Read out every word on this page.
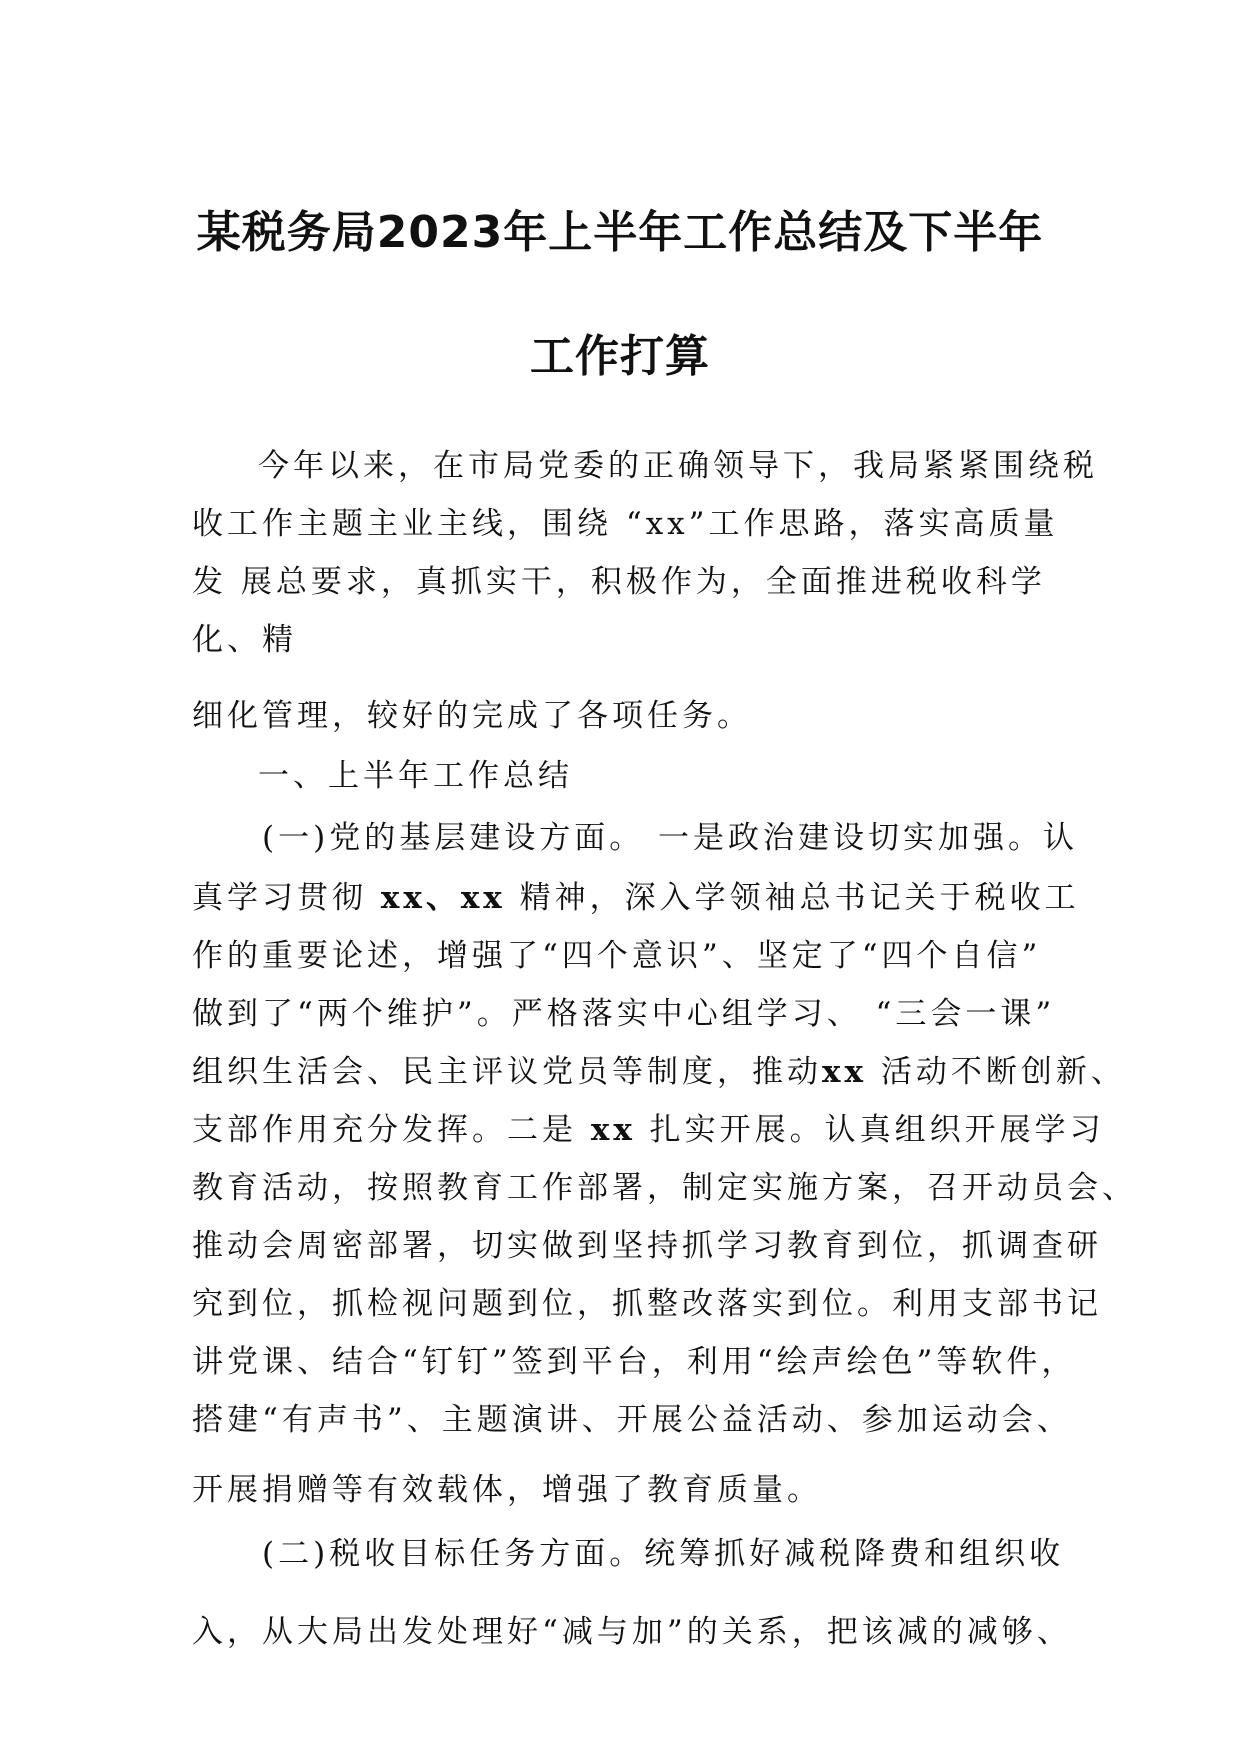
某税务局2023年上半年工作总结及下半年
工作打算
今年以来，在市局党委的正确领导下，我局紧紧围绕税
收工作主题主业主线，围绕 “xx”工作思路，落实高质量
发 展总要求，真抓实干，积极作为，全面推进税收科学
化、精
细化管理，较好的完成了各项任务。
一、上半年工作总结
(一)党的基层建设方面。 一是政治建设切实加强。认
真学习贯彻 xx、xx 精神，深入学领袖总书记关于税收工
作的重要论述，增强了“四个意识”、坚定了“四个自信”
做到了“两个维护”。严格落实中心组学习、 “三会一课”
组织生活会、民主评议党员等制度，推动xx 活动不断创新、
支部作用充分发挥。二是 xx 扎实开展。认真组织开展学习
教育活动，按照教育工作部署，制定实施方案，召开动员会、
推动会周密部署，切实做到坚持抓学习教育到位，抓调查研
究到位，抓检视问题到位，抓整改落实到位。利用支部书记
讲党课、结合“钉钉”签到平台，利用“绘声绘色”等软件，
搭建“有声书”、主题演讲、开展公益活动、参加运动会、
开展捐赠等有效载体，增强了教育质量。
(二)税收目标任务方面。统筹抓好减税降费和组织收
入，从大局出发处理好“减与加”的关系，把该减的减够、
